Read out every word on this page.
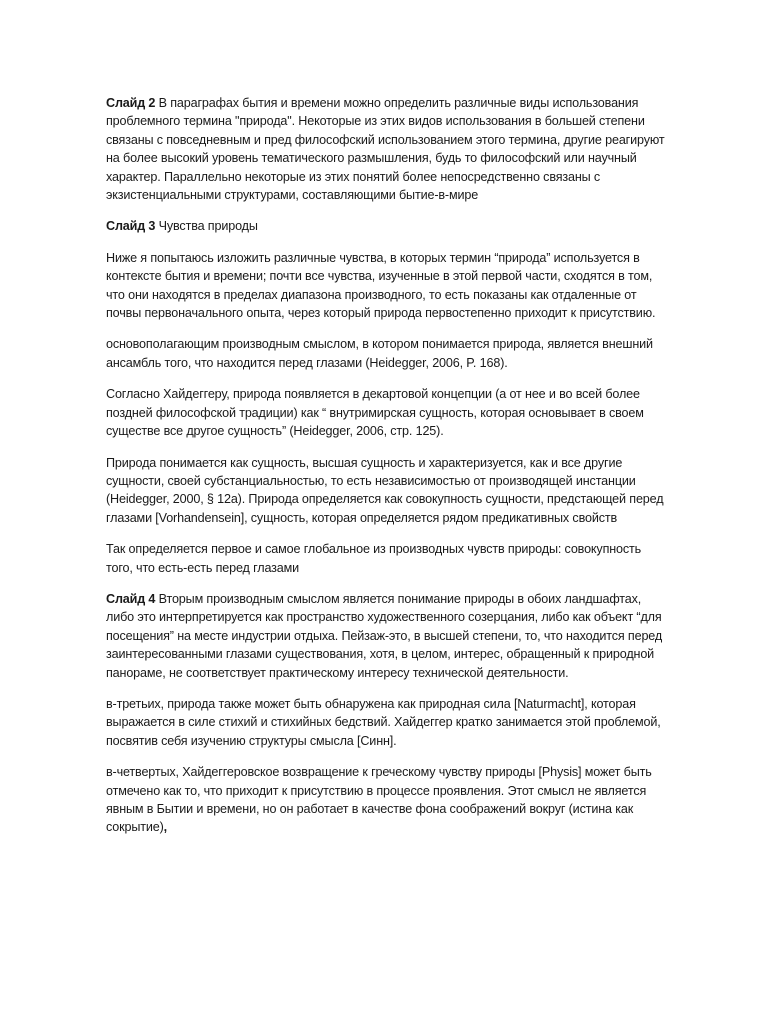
Слайд 2 В параграфах бытия и времени можно определить различные виды использования проблемного термина "природа". Некоторые из этих видов использования в большей степени связаны с повседневным и пред философский использованием этого термина, другие реагируют на более высокий уровень тематического размышления, будь то философский или научный характер. Параллельно некоторые из этих понятий более непосредственно связаны с экзистенциальными структурами, составляющими бытие-в-мире

Слайд 3 Чувства природы

Ниже я попытаюсь изложить различные чувства, в которых термин “природа” используется в контексте бытия и времени; почти все чувства, изученные в этой первой части, сходятся в том, что они находятся в пределах диапазона производного, то есть показаны как отдаленные от почвы первоначального опыта, через который природа первостепенно приходит к присутствию.

основополагающим производным смыслом, в котором понимается природа, является внешний ансамбль того, что находится перед глазами (Heidegger, 2006, P. 168).

Согласно Хайдеггеру, природа появляется в декартовой концепции (а от нее и во всей более поздней философской традиции) как “ внутримирская сущность, которая основывает в своем существе все другое сущность” (Heidegger, 2006, стр. 125).

Природа понимается как сущность, высшая сущность и характеризуется, как и все другие сущности, своей субстанциальностью, то есть независимостью от производящей инстанции (Heidegger, 2000, § 12a). Природа определяется как совокупность сущности, предстающей перед глазами [Vorhandensein], сущность, которая определяется рядом предикативных свойств

Так определяется первое и самое глобальное из производных чувств природы: совокупность того, что есть-есть перед глазами

Слайд 4 Вторым производным смыслом является понимание природы в обоих ландшафтах, либо это интерпретируется как пространство художественного созерцания, либо как объект “для посещения” на месте индустрии отдыха. Пейзаж-это, в высшей степени, то, что находится перед заинтересованными глазами существования, хотя, в целом, интерес, обращенный к природной панораме, не соответствует практическому интересу технической деятельности.

в-третьих, природа также может быть обнаружена как природная сила [Naturmacht], которая выражается в силе стихий и стихийных бедствий. Хайдеггер кратко занимается этой проблемой, посвятив себя изучению структуры смысла [Синн].

в-четвертых, Хайдеггеровское возвращение к греческому чувству природы [Physis] может быть отмечено как то, что приходит к присутствию в процессе проявления. Этот смысл не является явным в Бытии и времени, но он работает в качестве фона соображений вокруг (истина как сокрытие),
